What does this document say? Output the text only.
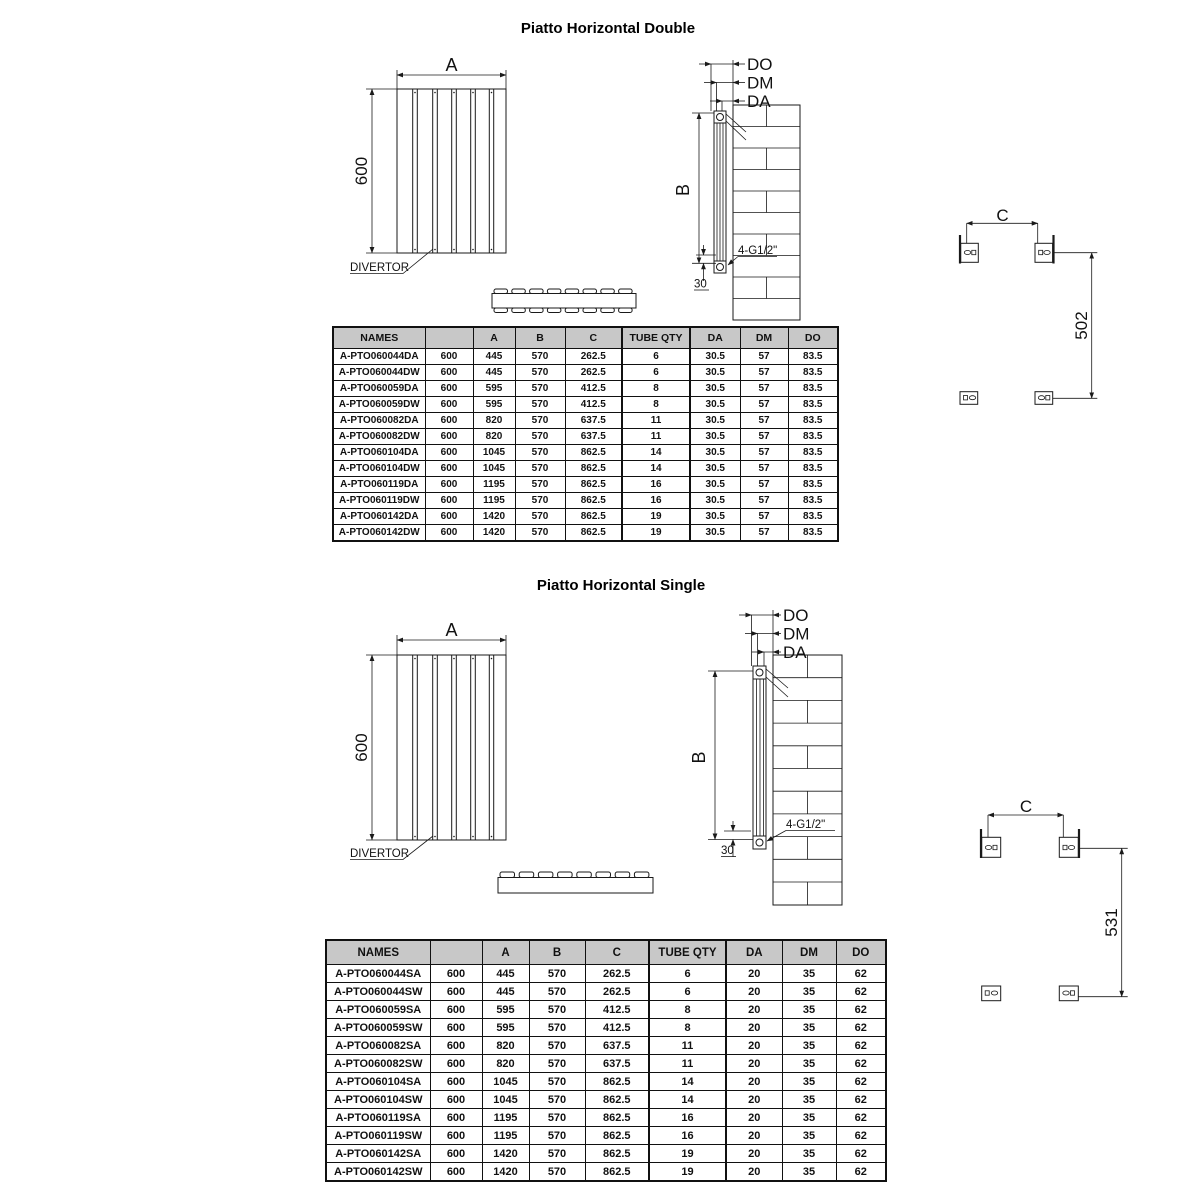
Piatto Horizontal Double
A
600
DIVERTOR
DO
DM
DA
B
30
4-G1/2"
C
502
NAMES		A	B	C	TUBE QTY	DA	DM	DO
A-PTO060044DA	600	445	570	262.5	6	30.5	57	83.5
A-PTO060044DW	600	445	570	262.5	6	30.5	57	83.5
A-PTO060059DA	600	595	570	412.5	8	30.5	57	83.5
A-PTO060059DW	600	595	570	412.5	8	30.5	57	83.5
A-PTO060082DA	600	820	570	637.5	11	30.5	57	83.5
A-PTO060082DW	600	820	570	637.5	11	30.5	57	83.5
A-PTO060104DA	600	1045	570	862.5	14	30.5	57	83.5
A-PTO060104DW	600	1045	570	862.5	14	30.5	57	83.5
A-PTO060119DA	600	1195	570	862.5	16	30.5	57	83.5
A-PTO060119DW	600	1195	570	862.5	16	30.5	57	83.5
A-PTO060142DA	600	1420	570	862.5	19	30.5	57	83.5
A-PTO060142DW	600	1420	570	862.5	19	30.5	57	83.5
Piatto Horizontal Single
A
600
DIVERTOR
DO
DM
DA
B
30
4-G1/2"
C
531
NAMES		A	B	C	TUBE QTY	DA	DM	DO
A-PTO060044SA	600	445	570	262.5	6	20	35	62
A-PTO060044SW	600	445	570	262.5	6	20	35	62
A-PTO060059SA	600	595	570	412.5	8	20	35	62
A-PTO060059SW	600	595	570	412.5	8	20	35	62
A-PTO060082SA	600	820	570	637.5	11	20	35	62
A-PTO060082SW	600	820	570	637.5	11	20	35	62
A-PTO060104SA	600	1045	570	862.5	14	20	35	62
A-PTO060104SW	600	1045	570	862.5	14	20	35	62
A-PTO060119SA	600	1195	570	862.5	16	20	35	62
A-PTO060119SW	600	1195	570	862.5	16	20	35	62
A-PTO060142SA	600	1420	570	862.5	19	20	35	62
A-PTO060142SW	600	1420	570	862.5	19	20	35	62
